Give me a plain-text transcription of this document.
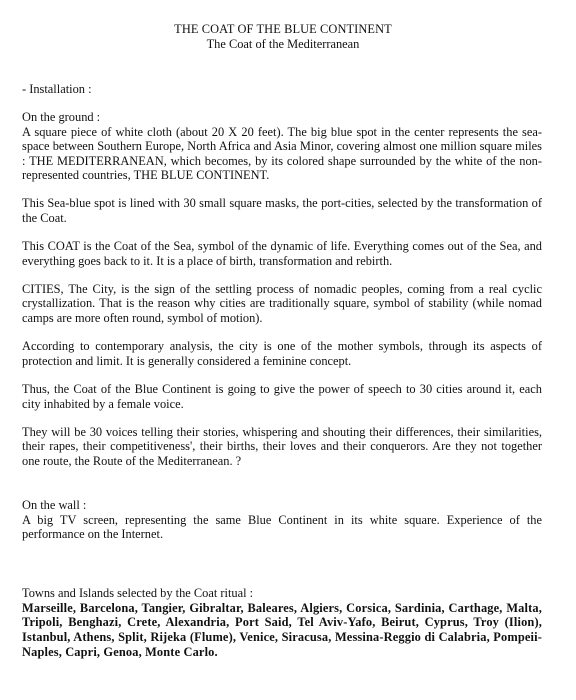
THE COAT OF THE BLUE CONTINENT
The Coat of the Mediterranean

- Installation :

On the ground :

A square piece of white cloth (about 20 X 20 feet). The big blue spot in the center represents the sea-space between Southern Europe, North Africa and Asia Minor, covering almost one million square miles : THE MEDITERRANEAN, which becomes, by its colored shape surrounded by the white of the non-represented countries, THE BLUE CONTINENT.

This Sea-blue spot is lined with 30 small square masks, the port-cities, selected by the transformation of the Coat.

This COAT is the Coat of the Sea, symbol of the dynamic of life. Everything comes out of the Sea, and everything goes back to it. It is a place of birth, transformation and rebirth.

CITIES, The City, is the sign of the settling process of nomadic peoples, coming from a real cyclic crystallization. That is the reason why cities are traditionally square, symbol of stability (while nomad camps are more often round, symbol of motion).

According to contemporary analysis, the city is one of the mother symbols, through its aspects of protection and limit. It is generally considered a feminine concept.

Thus, the Coat of the Blue Continent is going to give the power of speech to 30 cities around it, each city inhabited by a female voice.

They will be 30 voices telling their stories, whispering and shouting their differences, their similarities, their rapes, their competitiveness', their births, their loves and their conquerors. Are they not together one route, the Route of the Mediterranean. ?

On the wall :

A big TV screen, representing the same Blue Continent in its white square. Experience of the performance on the Internet.

Towns and Islands selected by the Coat ritual :

Marseille, Barcelona, Tangier, Gibraltar, Baleares, Algiers, Corsica, Sardinia, Carthage, Malta, Tripoli, Benghazi, Crete, Alexandria, Port Said, Tel Aviv-Yafo, Beirut, Cyprus, Troy (Ilion), Istanbul, Athens, Split, Rijeka (Flume), Venice, Siracusa, Messina-Reggio di Calabria, Pompeii-Naples, Capri, Genoa, Monte Carlo.
